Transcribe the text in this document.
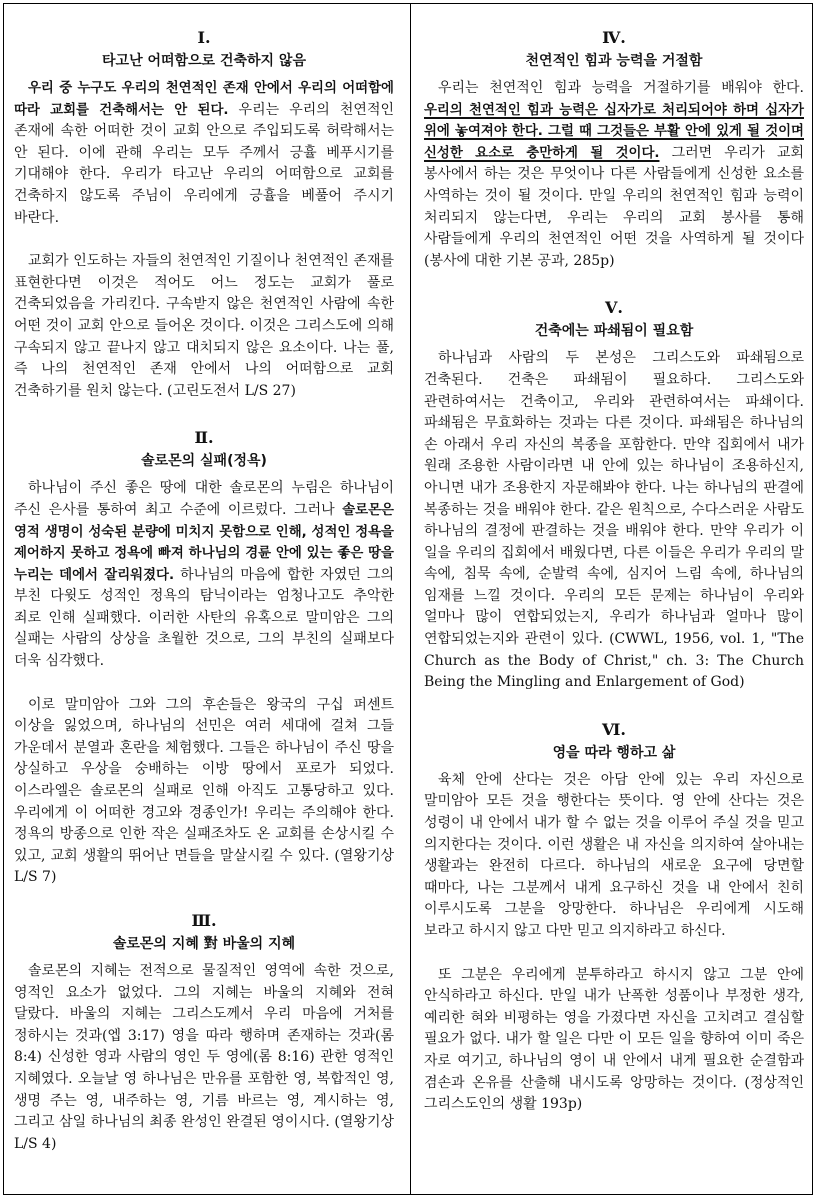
Ⅰ.
타고난 어떠함으로 건축하지 않음

우리 중 누구도 우리의 천연적인 존재 안에서 우리의 어떠함에 따라 교회를 건축해서는 안 된다. 우리는 우리의 천연적인 존재에 속한 어떠한 것이 교회 안으로 주입되도록 허락해서는 안 된다. 이에 관해 우리는 모두 주께서 긍휼 베푸시기를 기대해야 한다. 우리가 타고난 우리의 어떠함으로 교회를 건축하지 않도록 주님이 우리에게 긍휼을 베풀어 주시기 바란다.

교회가 인도하는 자들의 천연적인 기질이나 천연적인 존재를 표현한다면 이것은 적어도 어느 정도는 교회가 풀로 건축되었음을 가리킨다. 구속받지 않은 천연적인 사람에 속한 어떤 것이 교회 안으로 들어온 것이다. 이것은 그리스도에 의해 구속되지 않고 끝나지 않고 대치되지 않은 요소이다. 나는 풀, 즉 나의 천연적인 존재 안에서 나의 어떠함으로 교회 건축하기를 원치 않는다. (고린도전서 L/S 27)

Ⅱ.
솔로몬의 실패(정욕)

하나님이 주신 좋은 땅에 대한 솔로몬의 누림은 하나님이 주신 은사를 통하여 최고 수준에 이르렀다. 그러나 솔로몬은 영적 생명이 성숙된 분량에 미치지 못함으로 인해, 성적인 정욕을 제어하지 못하고 정욕에 빠져 하나님의 경륜 안에 있는 좋은 땅을 누리는 데에서 잘리워졌다. 하나님의 마음에 합한 자였던 그의 부친 다윗도 성적인 정욕의 탐닉이라는 엄청나고도 추악한 죄로 인해 실패했다. 이러한 사탄의 유혹으로 말미암은 그의 실패는 사람의 상상을 초월한 것으로, 그의 부친의 실패보다 더욱 심각했다.

이로 말미암아 그와 그의 후손들은 왕국의 구십 퍼센트 이상을 잃었으며, 하나님의 선민은 여러 세대에 걸쳐 그들 가운데서 분열과 혼란을 체험했다. 그들은 하나님이 주신 땅을 상실하고 우상을 숭배하는 이방 땅에서 포로가 되었다. 이스라엘은 솔로몬의 실패로 인해 아직도 고통당하고 있다. 우리에게 이 어떠한 경고와 경종인가! 우리는 주의해야 한다. 정욕의 방종으로 인한 작은 실패조차도 온 교회를 손상시킬 수 있고, 교회 생활의 뛰어난 면들을 말살시킬 수 있다. (열왕기상 L/S 7)

Ⅲ.
솔로몬의 지혜 對 바울의 지혜

솔로몬의 지혜는 전적으로 물질적인 영역에 속한 것으로, 영적인 요소가 없었다. 그의 지혜는 바울의 지혜와 전혀 달랐다. 바울의 지혜는 그리스도께서 우리 마음에 거처를 정하시는 것과(엡 3:17) 영을 따라 행하며 존재하는 것과(롬 8:4) 신성한 영과 사람의 영인 두 영에(롬 8:16) 관한 영적인 지혜였다. 오늘날 영 하나님은 만유를 포함한 영, 복합적인 영, 생명 주는 영, 내주하는 영, 기름 바르는 영, 계시하는 영, 그리고 삼일 하나님의 최종 완성인 완결된 영이시다. (열왕기상 L/S 4)

Ⅳ.
천연적인 힘과 능력을 거절함

우리는 천연적인 힘과 능력을 거절하기를 배워야 한다. 우리의 천연적인 힘과 능력은 십자가로 처리되어야 하며 십자가 위에 놓여져야 한다. 그럴 때 그것들은 부활 안에 있게 될 것이며 신성한 요소로 충만하게 될 것이다. 그러면 우리가 교회 봉사에서 하는 것은 무엇이나 다른 사람들에게 신성한 요소를 사역하는 것이 될 것이다. 만일 우리의 천연적인 힘과 능력이 처리되지 않는다면, 우리는 우리의 교회 봉사를 통해 사람들에게 우리의 천연적인 어떤 것을 사역하게 될 것이다 (봉사에 대한 기본 공과, 285p)

Ⅴ.
건축에는 파쇄됨이 필요함

하나님과 사람의 두 본성은 그리스도와 파쇄됨으로 건축된다. 건축은 파쇄됨이 필요하다. 그리스도와 관련하여서는 건축이고, 우리와 관련하여서는 파쇄이다. 파쇄됨은 무효화하는 것과는 다른 것이다. 파쇄됨은 하나님의 손 아래서 우리 자신의 복종을 포함한다. 만약 집회에서 내가 원래 조용한 사람이라면 내 안에 있는 하나님이 조용하신지, 아니면 내가 조용한지 자문해봐야 한다. 나는 하나님의 판결에 복종하는 것을 배워야 한다. 같은 원칙으로, 수다스러운 사람도 하나님의 결정에 판결하는 것을 배워야 한다. 만약 우리가 이 일을 우리의 집회에서 배웠다면, 다른 이들은 우리가 우리의 말 속에, 침묵 속에, 순발력 속에, 심지어 느림 속에, 하나님의 임재를 느낄 것이다. 우리의 모든 문제는 하나님이 우리와 얼마나 많이 연합되었는지, 우리가 하나님과 얼마나 많이 연합되었는지와 관련이 있다. (CWWL, 1956, vol. 1, "The Church as the Body of Christ," ch. 3: The Church Being the Mingling and Enlargement of God)

Ⅵ.
영을 따라 행하고 삶

육체 안에 산다는 것은 아담 안에 있는 우리 자신으로 말미암아 모든 것을 행한다는 뜻이다. 영 안에 산다는 것은 성령이 내 안에서 내가 할 수 없는 것을 이루어 주실 것을 믿고 의지한다는 것이다. 이런 생활은 내 자신을 의지하여 살아내는 생활과는 완전히 다르다. 하나님의 새로운 요구에 당면할 때마다, 나는 그분께서 내게 요구하신 것을 내 안에서 친히 이루시도록 그분을 앙망한다. 하나님은 우리에게 시도해 보라고 하시지 않고 다만 믿고 의지하라고 하신다.

또 그분은 우리에게 분투하라고 하시지 않고 그분 안에 안식하라고 하신다. 만일 내가 난폭한 성품이나 부정한 생각, 예리한 혀와 비평하는 영을 가졌다면 자신을 고치려고 결심할 필요가 없다. 내가 할 일은 다만 이 모든 일을 향하여 이미 죽은 자로 여기고, 하나님의 영이 내 안에서 내게 필요한 순결함과 겸손과 온유를 산출해 내시도록 앙망하는 것이다. (정상적인 그리스도인의 생활 193p)
